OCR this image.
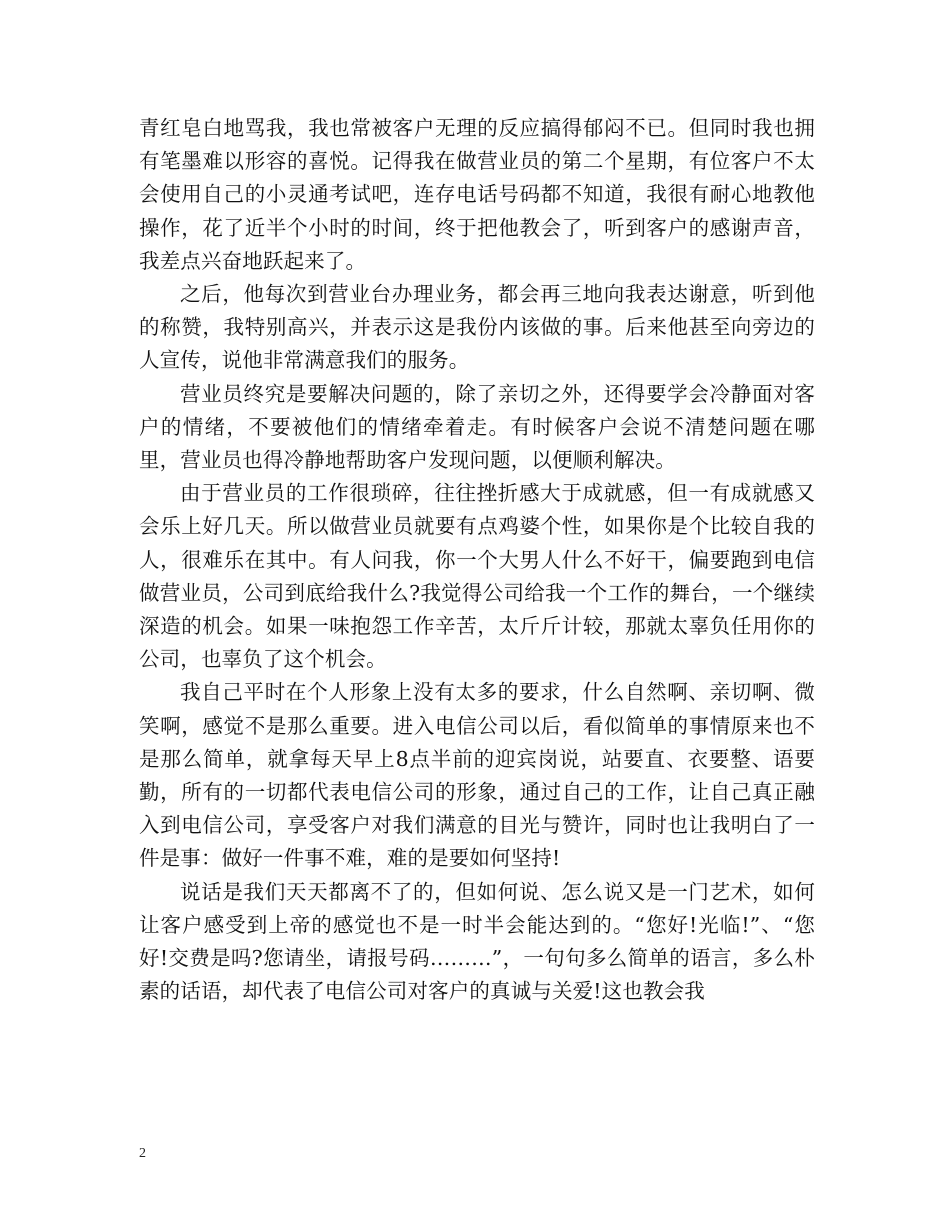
青红皂白地骂我，我也常被客户无理的反应搞得郁闷不已。但同时我也拥有笔墨难以形容的喜悦。记得我在做营业员的第二个星期，有位客户不太会使用自己的小灵通考试吧，连存电话号码都不知道，我很有耐心地教他操作，花了近半个小时的时间，终于把他教会了，听到客户的感谢声音，我差点兴奋地跃起来了。

之后，他每次到营业台办理业务，都会再三地向我表达谢意，听到他的称赞，我特别高兴，并表示这是我份内该做的事。后来他甚至向旁边的人宣传，说他非常满意我们的服务。

营业员终究是要解决问题的，除了亲切之外，还得要学会冷静面对客户的情绪，不要被他们的情绪牵着走。有时候客户会说不清楚问题在哪里，营业员也得冷静地帮助客户发现问题，以便顺利解决。

由于营业员的工作很琐碎，往往挫折感大于成就感，但一有成就感又会乐上好几天。所以做营业员就要有点鸡婆个性，如果你是个比较自我的人，很难乐在其中。有人问我，你一个大男人什么不好干，偏要跑到电信做营业员，公司到底给我什么?我觉得公司给我一个工作的舞台，一个继续深造的机会。如果一味抱怨工作辛苦，太斤斤计较，那就太辜负任用你的公司，也辜负了这个机会。

我自己平时在个人形象上没有太多的要求，什么自然啊、亲切啊、微笑啊，感觉不是那么重要。进入电信公司以后，看似简单的事情原来也不是那么简单，就拿每天早上8点半前的迎宾岗说，站要直、衣要整、语要勤，所有的一切都代表电信公司的形象，通过自己的工作，让自己真正融入到电信公司，享受客户对我们满意的目光与赞许，同时也让我明白了一件是事：做好一件事不难，难的是要如何坚持!

说话是我们天天都离不了的，但如何说、怎么说又是一门艺术，如何让客户感受到上帝的感觉也不是一时半会能达到的。“您好!光临!”、“您好!交费是吗?您请坐，请报号码………”，一句句多么简单的语言，多么朴素的话语，却代表了电信公司对客户的真诚与关爱!这也教会我

2
